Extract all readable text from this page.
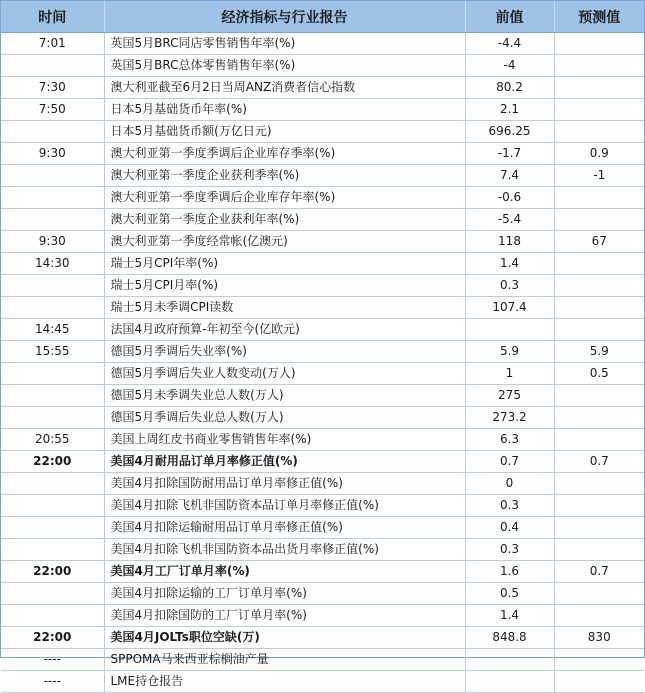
时间	经济指标与行业报告	前值	预测值
7:01	英国5月BRC同店零售销售年率(%)	-4.4	
	英国5月BRC总体零售销售年率(%)	-4	
7:30	澳大利亚截至6月2日当周ANZ消费者信心指数	80.2	
7:50	日本5月基础货币年率(%)	2.1	
	日本5月基础货币额(万亿日元)	696.25	
9:30	澳大利亚第一季度季调后企业库存季率(%)	-1.7	0.9
	澳大利亚第一季度企业获利季率(%)	7.4	-1
	澳大利亚第一季度季调后企业库存年率(%)	-0.6	
	澳大利亚第一季度企业获利年率(%)	-5.4	
9:30	澳大利亚第一季度经常帐(亿澳元)	118	67
14:30	瑞士5月CPI年率(%)	1.4	
	瑞士5月CPI月率(%)	0.3	
	瑞士5月未季调CPI读数	107.4	
14:45	法国4月政府预算-年初至今(亿欧元)		
15:55	德国5月季调后失业率(%)	5.9	5.9
	德国5月季调后失业人数变动(万人)	1	0.5
	德国5月未季调失业总人数(万人)	275	
	德国5月季调后失业总人数(万人)	273.2	
20:55	美国上周红皮书商业零售销售年率(%)	6.3	
22:00	美国4月耐用品订单月率修正值(%)	0.7	0.7
	美国4月扣除国防耐用品订单月率修正值(%)	0	
	美国4月扣除飞机非国防资本品订单月率修正值(%)	0.3	
	美国4月扣除运输耐用品订单月率修正值(%)	0.4	
	美国4月扣除飞机非国防资本品出货月率修正值(%)	0.3	
22:00	美国4月工厂订单月率(%)	1.6	0.7
	美国4月扣除运输的工厂订单月率(%)	0.5	
	美国4月扣除国防的工厂订单月率(%)	1.4	
22:00	美国4月JOLTs职位空缺(万)	848.8	830
----	SPPOMA马来西亚棕榈油产量		
----	LME持仓报告		
